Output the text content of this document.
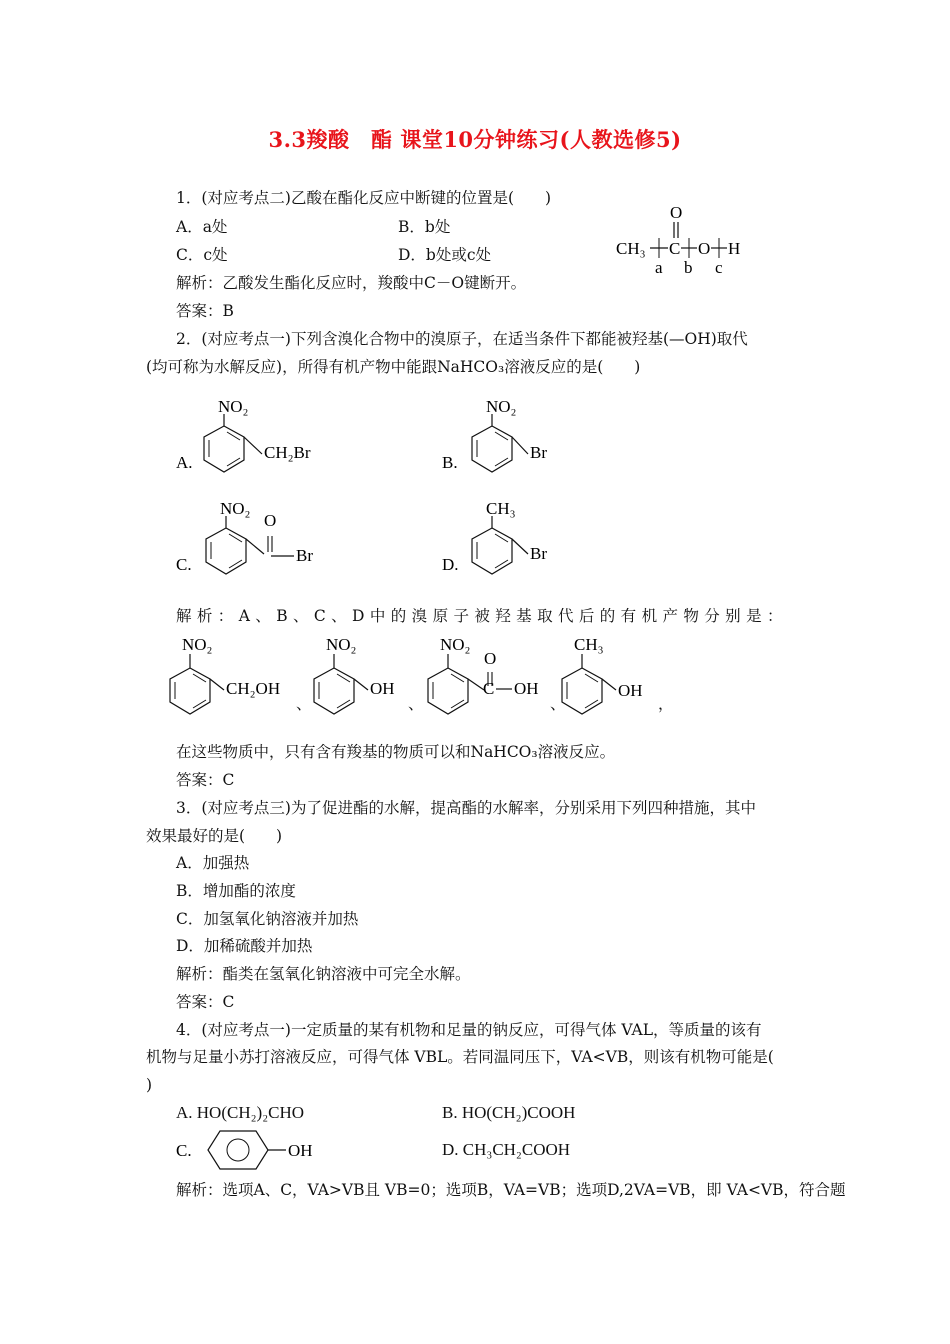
3.3羧酸　酯 课堂10分钟练习(人教选修5)
1．(对应考点二)乙酸在酯化反应中断键的位置是(　　)
A．a处	B．b处
C．c处	D．b处或c处
解析：乙酸发生酯化反应时，羧酸中C－O键断开。
答案：B
O
CH₃ C O H
a b c
2．(对应考点一)下列含溴化合物中的溴原子，在适当条件下都能被羟基(—OH)取代
(均可称为水解反应)，所得有机产物中能跟NaHCO₃溶液反应的是(　　)
A.
NO₂
CH₂Br
B.
NO₂
Br
C.
NO₂
O
Br	D.
CH₃
Br
解析：A、B、C、D中的溴原子被羟基取代后的有机产物分别是：
NO₂
CH₂OH
、
NO₂
OH
、
NO₂
O
C OH
、
CH₃
OH
，
在这些物质中，只有含有羧基的物质可以和NaHCO₃溶液反应。
答案：C
3．(对应考点三)为了促进酯的水解，提高酯的水解率，分别采用下列四种措施，其中
效果最好的是(　　)
A．加强热
B．增加酯的浓度
C．加氢氧化钠溶液并加热
D．加稀硫酸并加热
解析：酯类在氢氧化钠溶液中可完全水解。
答案：C
4．(对应考点一)一定质量的某有机物和足量的钠反应，可得气体 VAL，等质量的该有
机物与足量小苏打溶液反应，可得气体 VBL。若同温同压下，VA<VB，则该有机物可能是(
)
A. HO(CH₂)₂CHO	B. HO(CH₂)COOH
C.	OH	D. CH₃CH₂COOH
解析：选项A、C，VA>VB且 VB=0；选项B，VA=VB；选项D,2VA=VB，即 VA<VB，符合题
